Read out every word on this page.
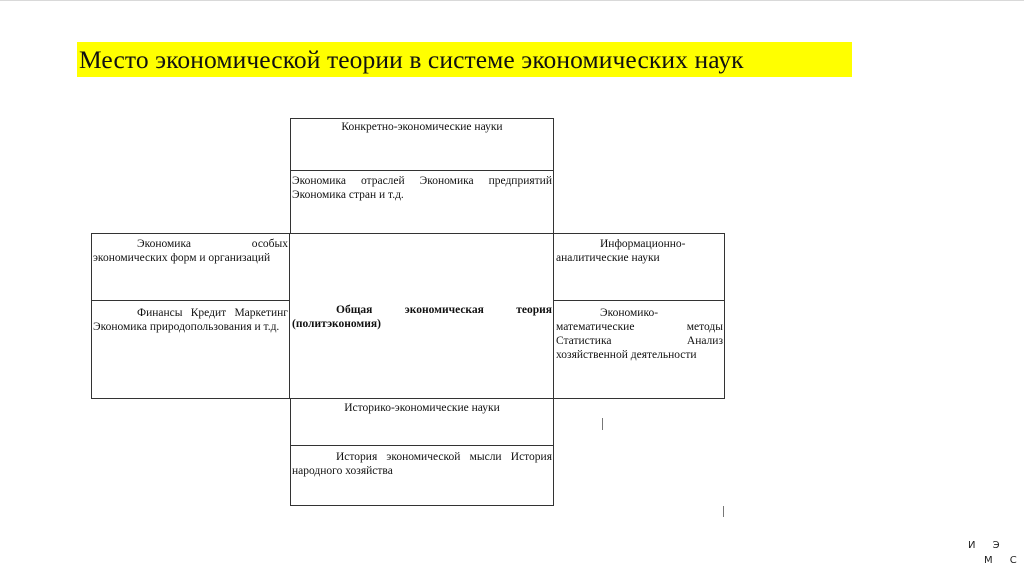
Место экономической теории в системе экономических наук
Конкретно-экономические науки
Экономика отраслей Экономика предприятий Экономика стран и т.д.
Экономика особых экономических форм и организаций
Финансы Кредит Маркетинг Экономика природопользования и т.д.
Общая экономическая теория (политэкономия)
Информационно-аналитические науки
Экономико-математические методы Статистика Анализ хозяйственной деятельности
Историко-экономические науки
История экономической мысли История народного хозяйства
И Э
М С
